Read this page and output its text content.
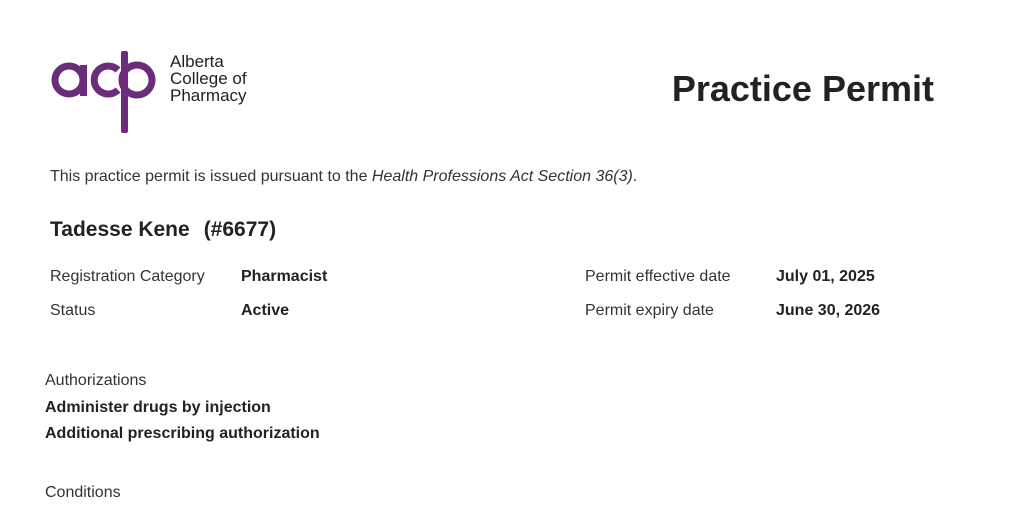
Alberta
College of
Pharmacy	Practice Permit
This practice permit is issued pursuant to the Health Professions Act Section 36(3).
Tadesse Kene (#6677)
Registration Category Pharmacist
Status	Active
Permit effective date	July 01, 2025
Permit expiry date	June 30, 2026
Authorizations
Administer drugs by injection
Additional prescribing authorization
Conditions
